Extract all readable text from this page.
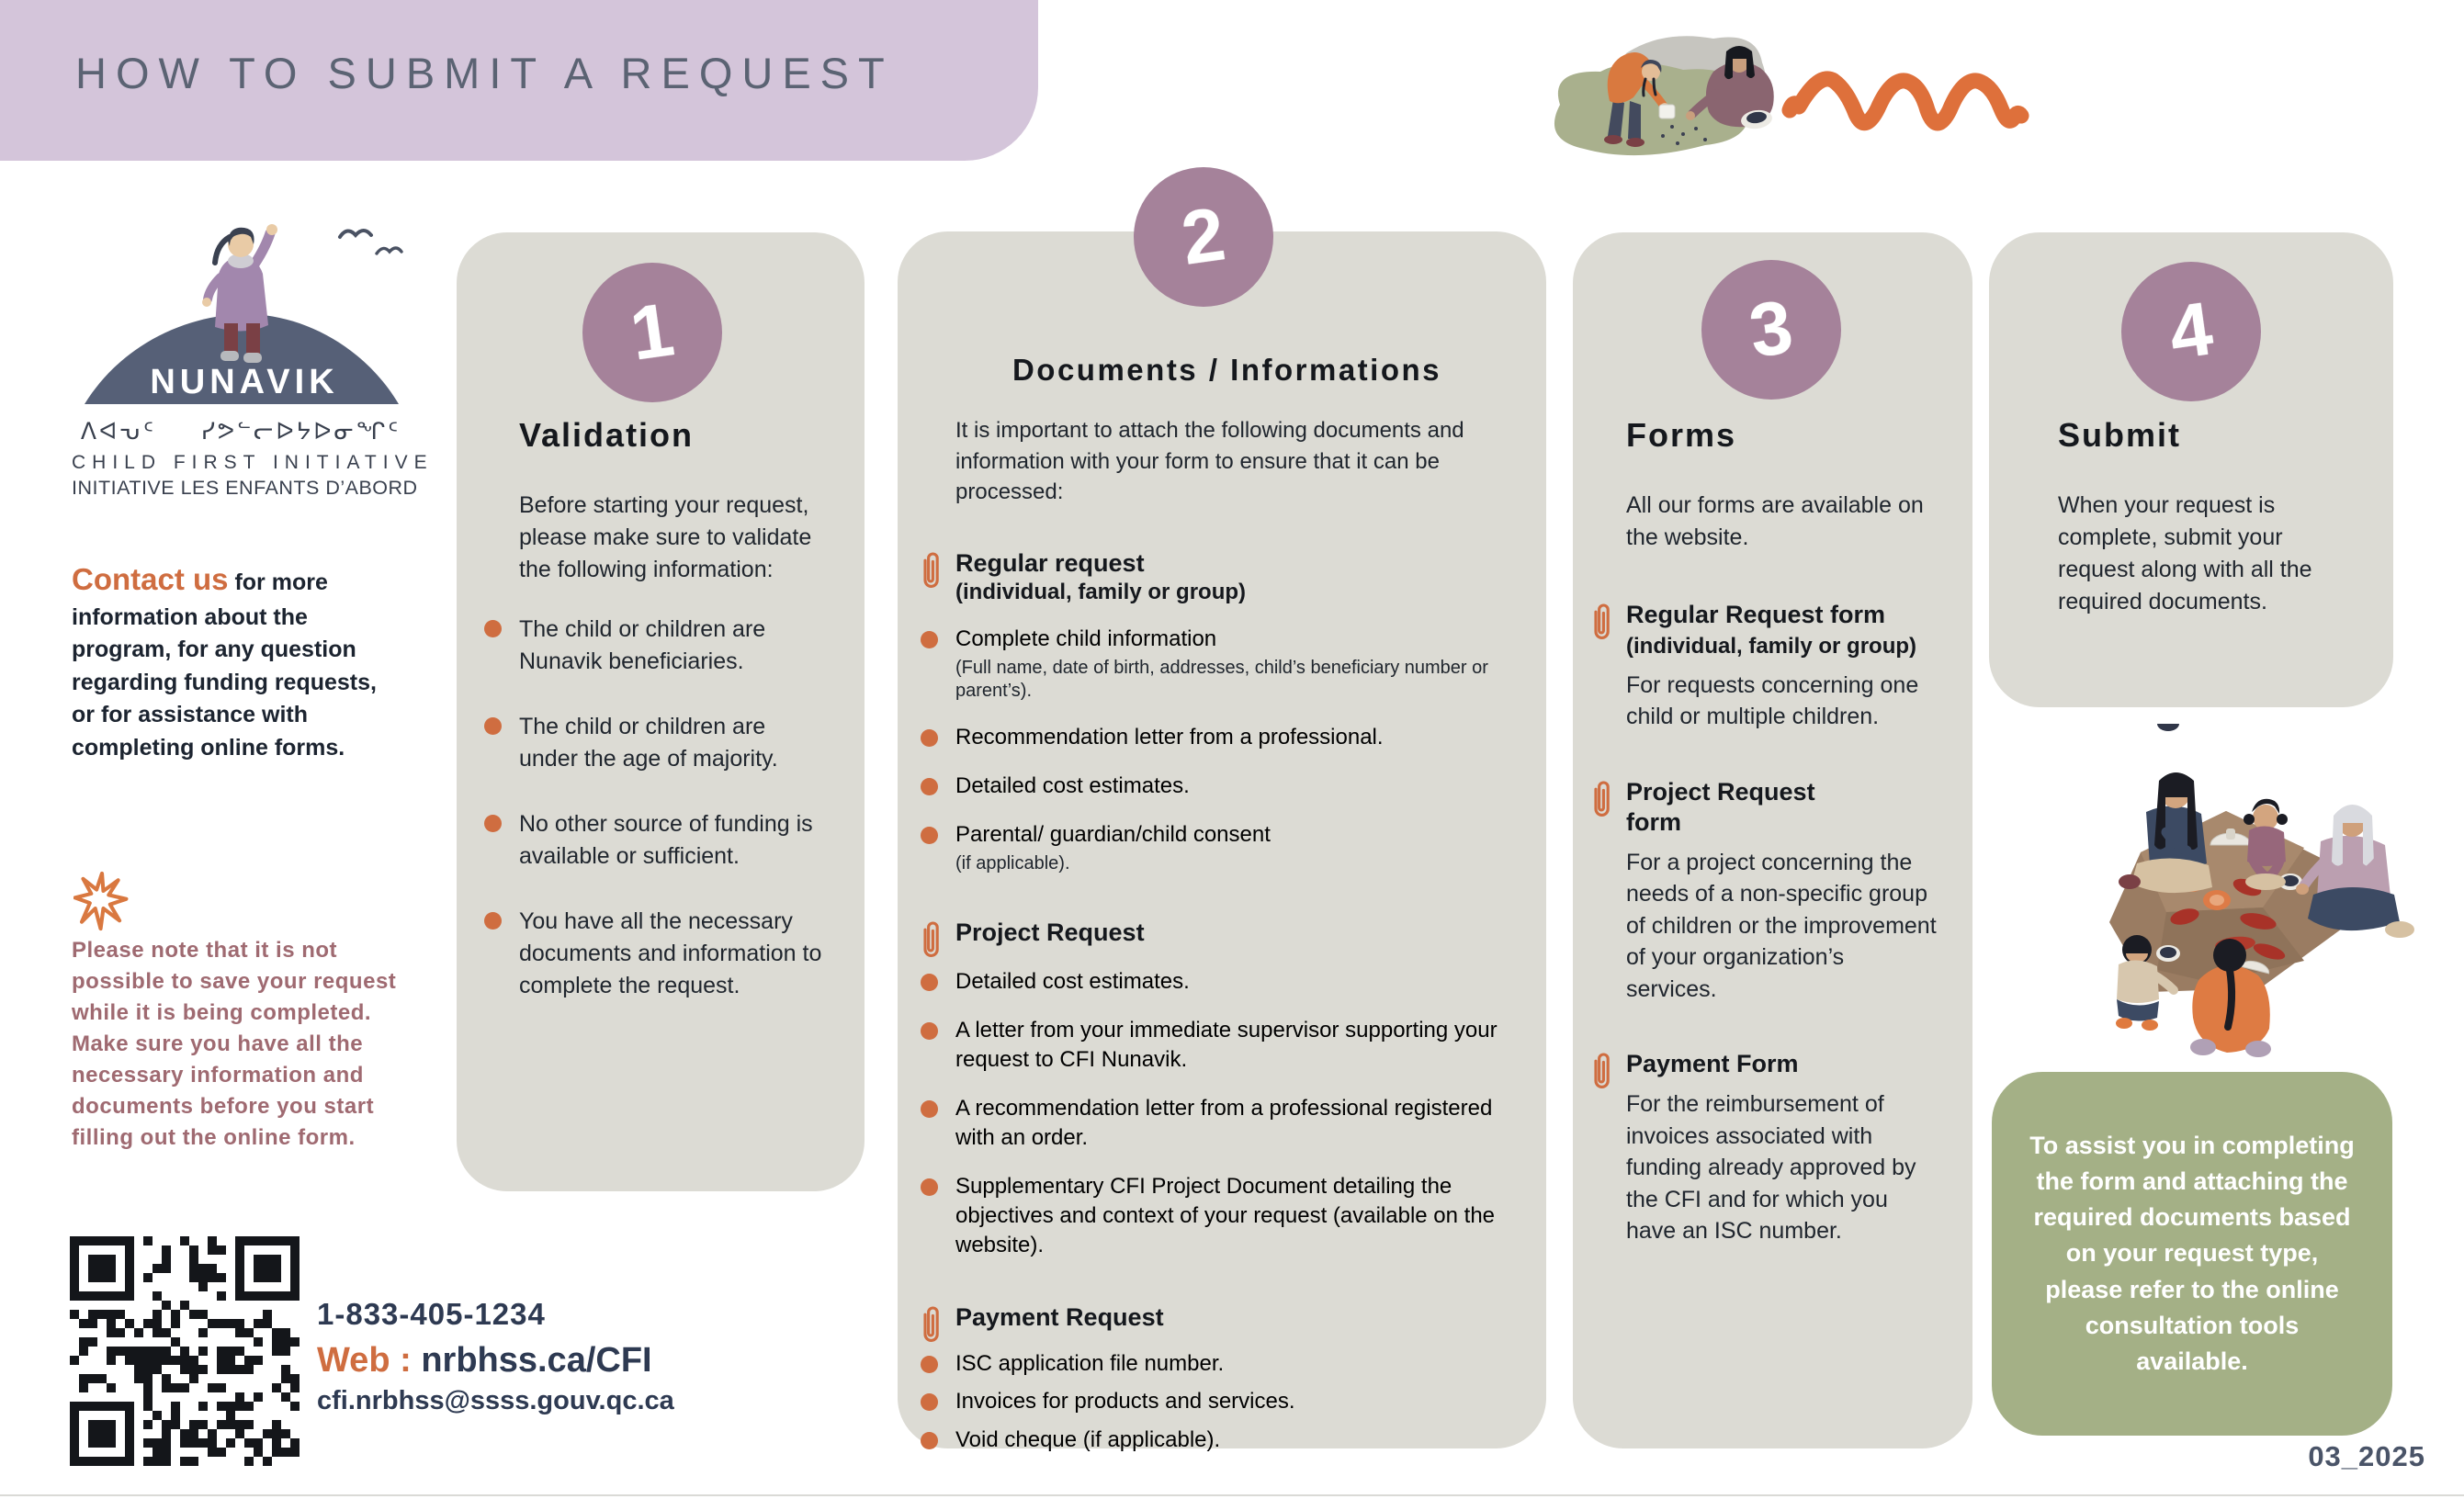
HOW TO SUBMIT A REQUEST
NUNAVIK
ᐱᐊᕃᑦ ᓯᕗᓪᓕᐅᔭᐅᓂᖏᑦ
CHILD FIRST INITIATIVE
INITIATIVE LES ENFANTS D’ABORD

Contact us for more information about the program, for any question regarding funding requests, or for assistance with completing online forms.

Please note that it is not possible to save your request while it is being completed. Make sure you have all the necessary information and documents before you start filling out the online form.

1-833-405-1234
Web : nrbhss.ca/CFI
cfi.nrbhss@ssss.gouv.qc.ca
1
Validation

Before starting your request, please make sure to validate the following information:

The child or children are Nunavik beneficiaries.

The child or children are under the age of majority.

No other source of funding is available or sufficient.

You have all the necessary documents and information to complete the request.

2
Documents / Informations

It is important to attach the following documents and information with your form to ensure that it can be processed:

Regular request
(individual, family or group)
Complete child information
(Full name, date of birth, addresses, child’s beneficiary number or parent’s).
Recommendation letter from a professional.
Detailed cost estimates.
Parental/ guardian/child consent
(if applicable).
Project Request
Detailed cost estimates.
A letter from your immediate supervisor supporting your request to CFI Nunavik.
A recommendation letter from a professional registered with an order.
Supplementary CFI Project Document detailing the objectives and context of your request (available on the website).
Payment Request
ISC application file number.
Invoices for products and services.
Void cheque (if applicable).
3
Forms

All our forms are available on the website.

Regular Request form (individual, family or group)

For requests concerning one child or multiple children.

Project Request form

For a project concerning the needs of a non-specific group of children or the improvement of your organization’s services.

Payment Form

For the reimbursement of invoices associated with funding already approved by the CFI and for which you have an ISC number.

4
Submit

When your request is complete, submit your request along with all the required documents.

To assist you in completing the form and attaching the required documents based on your request type, please refer to the online consultation tools available.

03_2025
